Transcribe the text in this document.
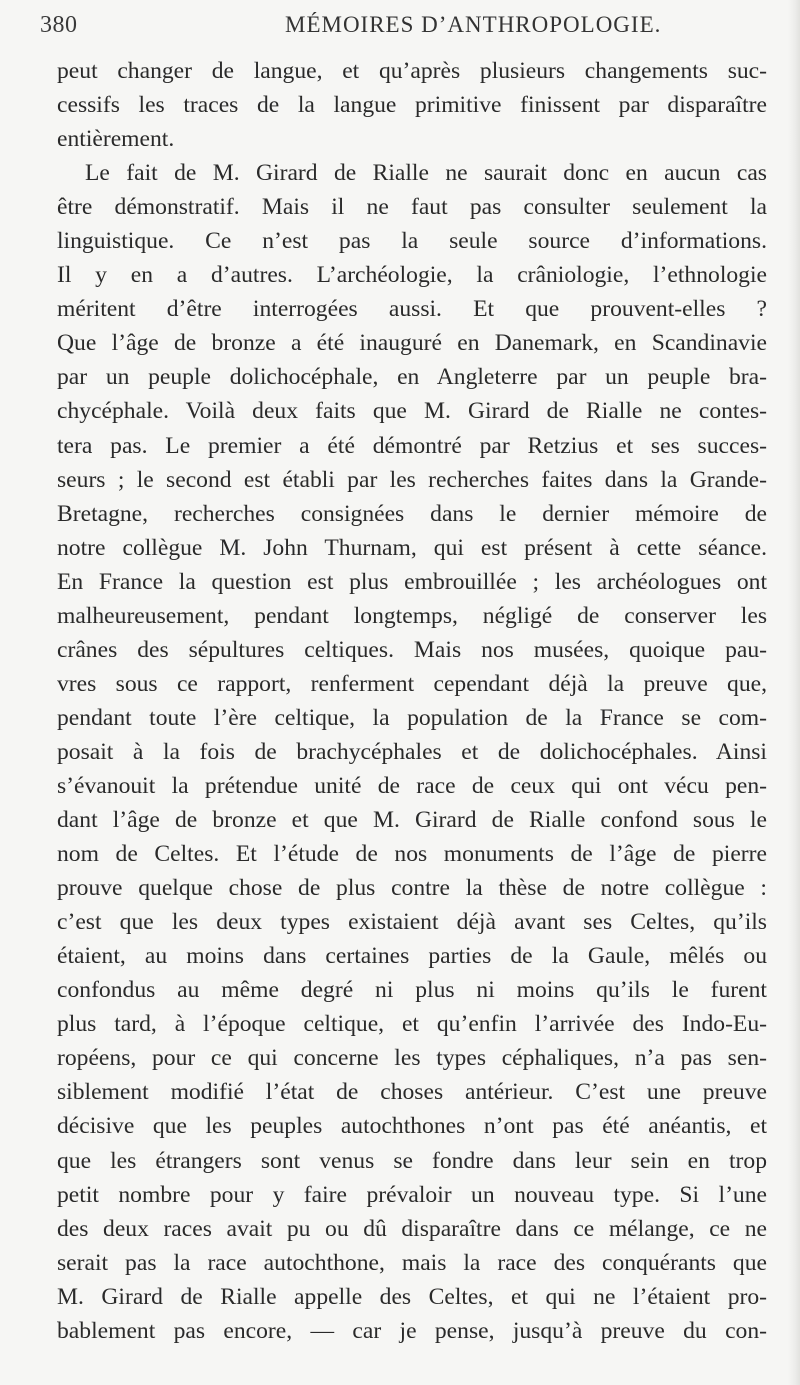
380	MÉMOIRES D’ANTHROPOLOGIE.
peut changer de langue, et qu’après plusieurs changements suc-
cessifs les traces de la langue primitive finissent par disparaître
entièrement.
Le fait de M. Girard de Rialle ne saurait donc en aucun cas
être démonstratif. Mais il ne faut pas consulter seulement la
linguistique. Ce n’est pas la seule source d’informations.
Il y en a d’autres. L’archéologie, la crâniologie, l’ethnologie
méritent d’être interrogées aussi. Et que prouvent-elles ?
Que l’âge de bronze a été inauguré en Danemark, en Scandinavie
par un peuple dolichocéphale, en Angleterre par un peuple bra-
chycéphale. Voilà deux faits que M. Girard de Rialle ne contes-
tera pas. Le premier a été démontré par Retzius et ses succes-
seurs ; le second est établi par les recherches faites dans la Grande-
Bretagne, recherches consignées dans le dernier mémoire de
notre collègue M. John Thurnam, qui est présent à cette séance.
En France la question est plus embrouillée ; les archéologues ont
malheureusement, pendant longtemps, négligé de conserver les
crânes des sépultures celtiques. Mais nos musées, quoique pau-
vres sous ce rapport, renferment cependant déjà la preuve que,
pendant toute l’ère celtique, la population de la France se com-
posait à la fois de brachycéphales et de dolichocéphales. Ainsi
s’évanouit la prétendue unité de race de ceux qui ont vécu pen-
dant l’âge de bronze et que M. Girard de Rialle confond sous le
nom de Celtes. Et l’étude de nos monuments de l’âge de pierre
prouve quelque chose de plus contre la thèse de notre collègue :
c’est que les deux types existaient déjà avant ses Celtes, qu’ils
étaient, au moins dans certaines parties de la Gaule, mêlés ou
confondus au même degré ni plus ni moins qu’ils le furent
plus tard, à l’époque celtique, et qu’enfin l’arrivée des Indo-Eu-
ropéens, pour ce qui concerne les types céphaliques, n’a pas sen-
siblement modifié l’état de choses antérieur. C’est une preuve
décisive que les peuples autochthones n’ont pas été anéantis, et
que les étrangers sont venus se fondre dans leur sein en trop
petit nombre pour y faire prévaloir un nouveau type. Si l’une
des deux races avait pu ou dû disparaître dans ce mélange, ce ne
serait pas la race autochthone, mais la race des conquérants que
M. Girard de Rialle appelle des Celtes, et qui ne l’étaient pro-
bablement pas encore, — car je pense, jusqu’à preuve du con-
